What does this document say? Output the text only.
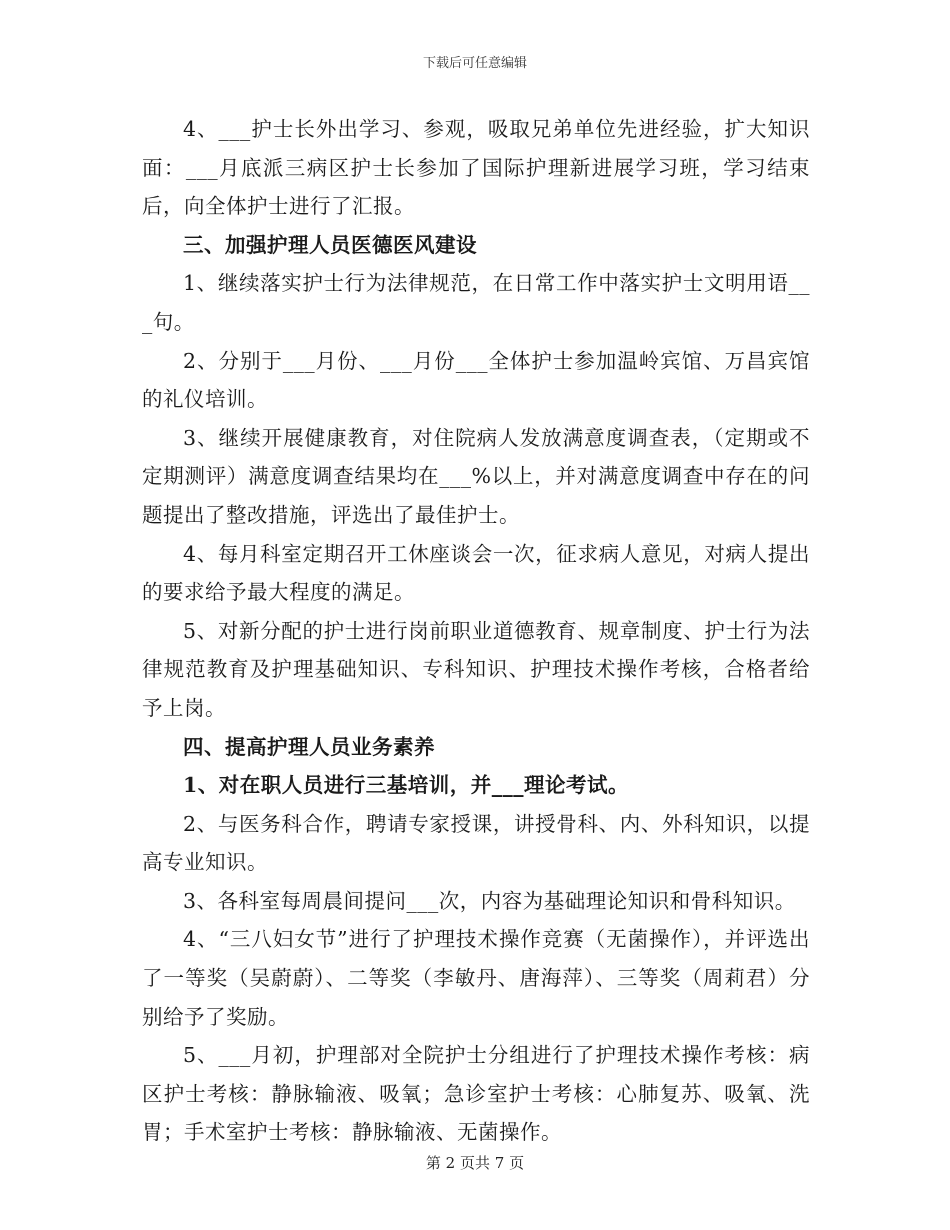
下载后可任意编辑

4、___护士长外出学习、参观，吸取兄弟单位先进经验，扩大知识面：___月底派三病区护士长参加了国际护理新进展学习班，学习结束后，向全体护士进行了汇报。

三、加强护理人员医德医风建设

1、继续落实护士行为法律规范，在日常工作中落实护士文明用语___句。

2、分别于___月份、___月份___全体护士参加温岭宾馆、万昌宾馆的礼仪培训。

3、继续开展健康教育，对住院病人发放满意度调查表，（定期或不定期测评）满意度调查结果均在___%以上，并对满意度调查中存在的问题提出了整改措施，评选出了最佳护士。

4、每月科室定期召开工休座谈会一次，征求病人意见，对病人提出的要求给予最大程度的满足。

5、对新分配的护士进行岗前职业道德教育、规章制度、护士行为法律规范教育及护理基础知识、专科知识、护理技术操作考核，合格者给予上岗。

四、提高护理人员业务素养

1、对在职人员进行三基培训，并___理论考试。

2、与医务科合作，聘请专家授课，讲授骨科、内、外科知识，以提高专业知识。

3、各科室每周晨间提问___次，内容为基础理论知识和骨科知识。

4、“三八妇女节”进行了护理技术操作竞赛（无菌操作），并评选出了一等奖（吴蔚蔚）、二等奖（李敏丹、唐海萍）、三等奖（周莉君）分别给予了奖励。

5、___月初，护理部对全院护士分组进行了护理技术操作考核：病区护士考核：静脉输液、吸氧；急诊室护士考核：心肺复苏、吸氧、洗胃；手术室护士考核：静脉输液、无菌操作。

第 2 页共 7 页
